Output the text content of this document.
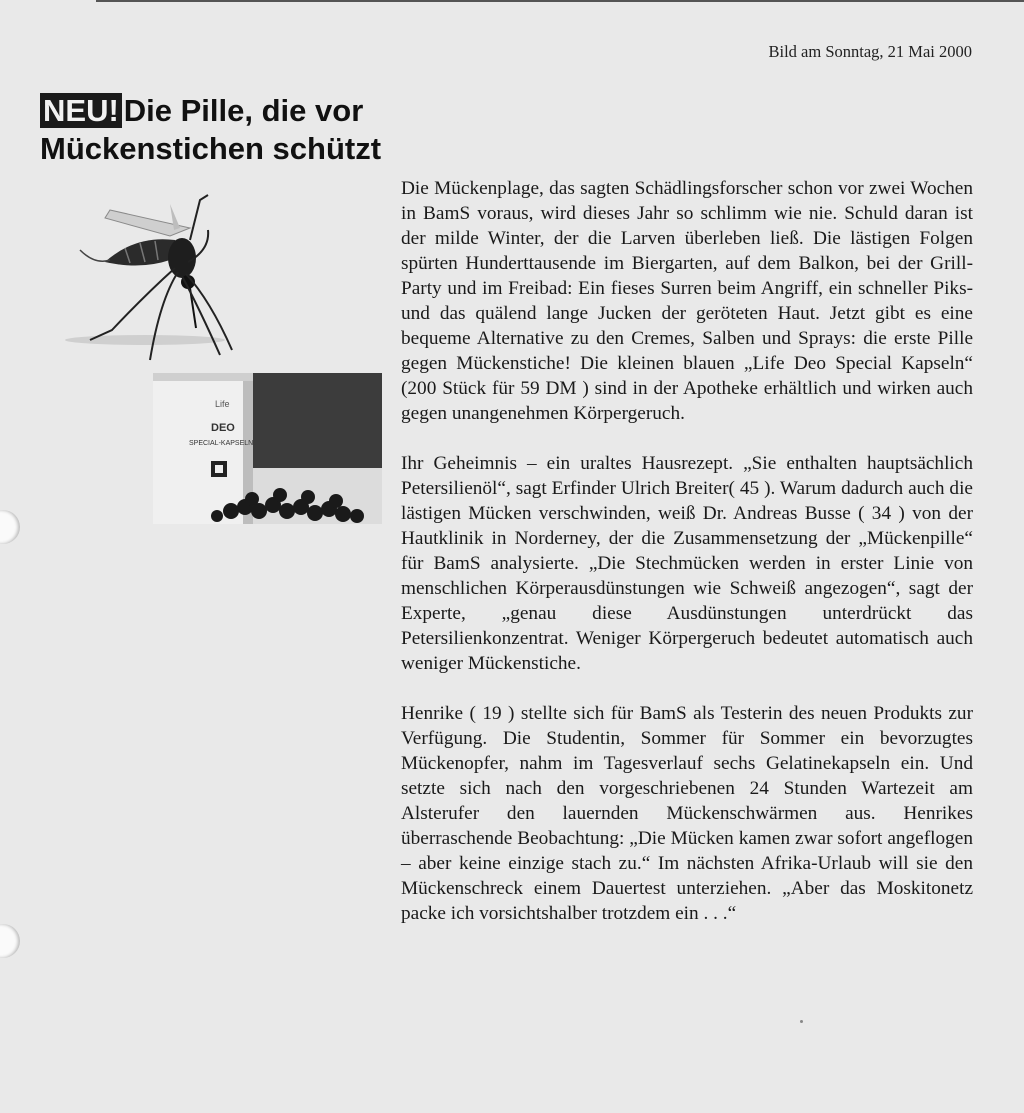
Bild am Sonntag, 21 Mai 2000
NEU! Die Pille, die vor
Mückenstichen schützt
Life
DEO
SPECIAL-KAPSELN

Die Mückenplage, das sagten Schädlingsforscher schon vor zwei Wochen in BamS voraus, wird dieses Jahr so schlimm wie nie. Schuld daran ist der milde Winter, der die Larven überleben ließ. Die lästigen Folgen spürten Hunderttausende im Biergarten, auf dem Balkon, bei der Grill-Party und im Freibad: Ein fieses Surren beim Angriff, ein schneller Piks- und das quälend lange Jucken der geröteten Haut. Jetzt gibt es eine bequeme Alternative zu den Cremes, Salben und Sprays: die erste Pille gegen Mückenstiche! Die kleinen blauen „Life Deo Special Kapseln“ (200 Stück für 59 DM ) sind in der Apotheke erhältlich und wirken auch gegen unangenehmen Körpergeruch.

Ihr Geheimnis – ein uraltes Hausrezept. „Sie enthalten hauptsächlich Petersilienöl“, sagt Erfinder Ulrich Breiter( 45 ). Warum dadurch auch die lästigen Mücken verschwinden, weiß Dr. Andreas Busse ( 34 ) von der Hautklinik in Norderney, der die Zusammensetzung der „Mückenpille“ für BamS analysierte. „Die Stechmücken werden in erster Linie von menschlichen Körperausdünstungen wie Schweiß angezogen“, sagt der Experte, „genau diese Ausdünstungen unterdrückt das Petersilienkonzentrat. Weniger Körpergeruch bedeutet automatisch auch weniger Mückenstiche.

Henrike ( 19 ) stellte sich für BamS als Testerin des neuen Produkts zur Verfügung. Die Studentin, Sommer für Sommer ein bevorzugtes Mückenopfer, nahm im Tagesverlauf sechs Gelatinekapseln ein. Und setzte sich nach den vorgeschriebenen 24 Stunden Wartezeit am Alsterufer den lauernden Mückenschwärmen aus. Henrikes überraschende Beobachtung: „Die Mücken kamen zwar sofort angeflogen – aber keine einzige stach zu.“ Im nächsten Afrika-Urlaub will sie den Mückenschreck einem Dauertest unterziehen. „Aber das Moskitonetz packe ich vorsichtshalber trotzdem ein . . .“
